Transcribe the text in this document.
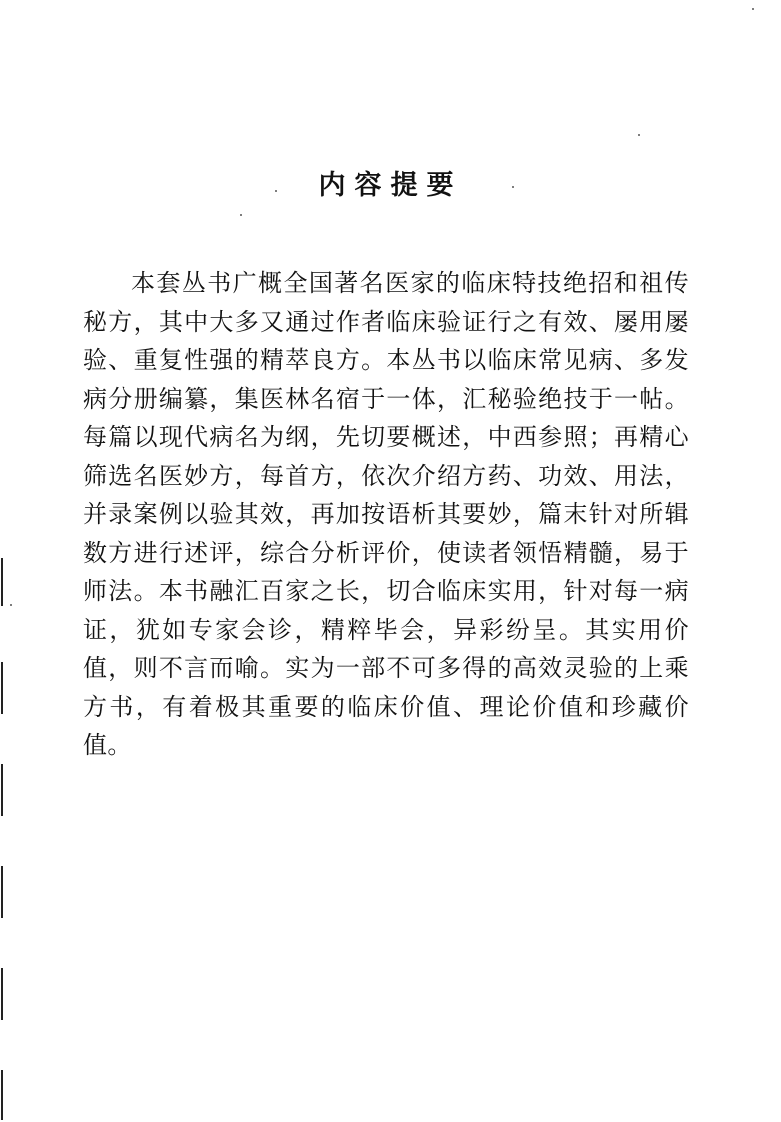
内容提要

本套丛书广概全国著名医家的临床特技绝招和祖传秘方，其中大多又通过作者临床验证行之有效、屡用屡验、重复性强的精萃良方。本丛书以临床常见病、多发病分册编纂，集医林名宿于一体，汇秘验绝技于一帖。每篇以现代病名为纲，先切要概述，中西参照；再精心筛选名医妙方，每首方，依次介绍方药、功效、用法，并录案例以验其效，再加按语析其要妙，篇末针对所辑数方进行述评，综合分析评价，使读者领悟精髓，易于师法。本书融汇百家之长，切合临床实用，针对每一病证，犹如专家会诊，精粹毕会，异彩纷呈。其实用价值，则不言而喻。实为一部不可多得的高效灵验的上乘方书，有着极其重要的临床价值、理论价值和珍藏价值。
